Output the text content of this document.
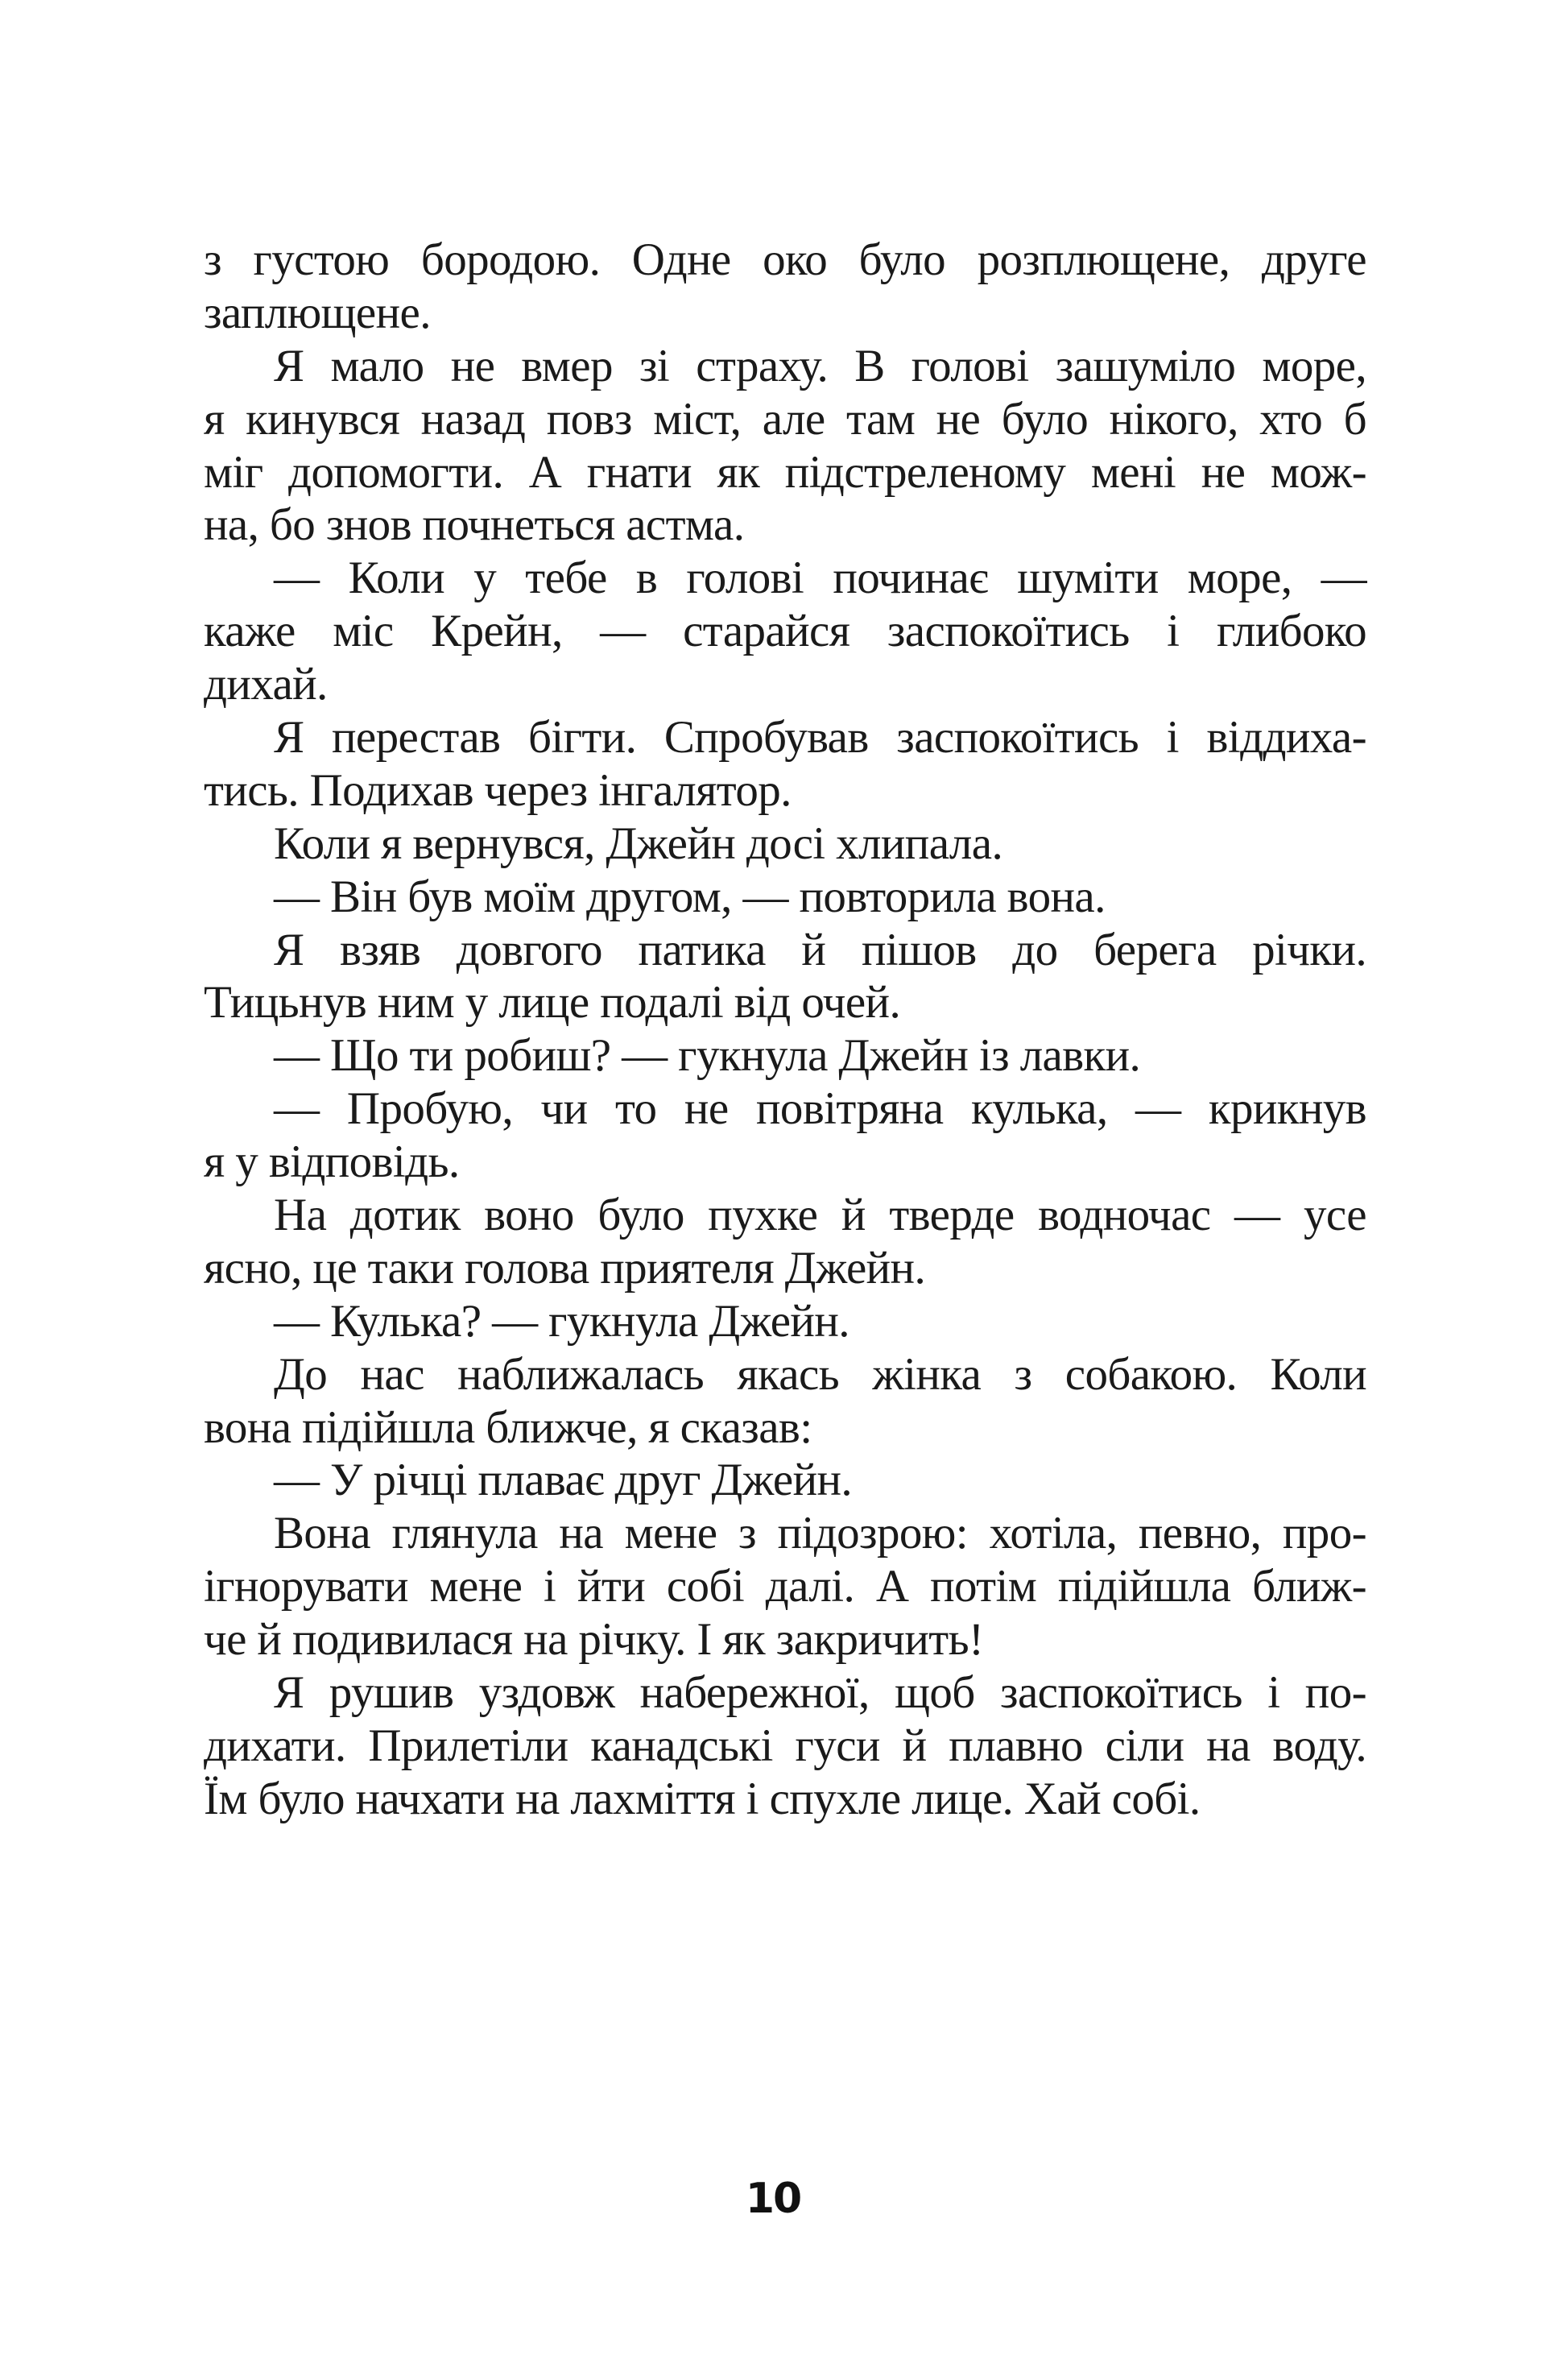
з густою бородою. Одне око було розплющене, друге
заплющене.
Я мало не вмер зі страху. В голові зашуміло море,
я кинувся назад повз міст, але там не було нікого, хто б
міг допомогти. А гнати як підстреленому мені не мож-
на, бо знов почнеться астма.
— Коли у тебе в голові починає шуміти море, —
каже міс Крейн, — старайся заспокоїтись і глибоко
дихай.
Я перестав бігти. Спробував заспокоїтись і віддиха-
тись. Подихав через інгалятор.
Коли я вернувся, Джейн досі хлипала.
— Він був моїм другом, — повторила вона.
Я взяв довгого патика й пішов до берега річки.
Тицьнув ним у лице подалі від очей.
— Що ти робиш? — гукнула Джейн із лавки.
— Пробую, чи то не повітряна кулька, — крикнув
я у відповідь.
На дотик воно було пухке й тверде водночас — усе
ясно, це таки голова приятеля Джейн.
— Кулька? — гукнула Джейн.
До нас наближалась якась жінка з собакою. Коли
вона підійшла ближче, я сказав:
— У річці плаває друг Джейн.
Вона глянула на мене з підозрою: хотіла, певно, про-
ігнорувати мене і йти собі далі. А потім підійшла ближ-
че й подивилася на річку. І як закричить!
Я рушив уздовж набережної, щоб заспокоїтись і по-
дихати. Прилетіли канадські гуси й плавно сіли на воду.
Їм було начхати на лахміття і спухле лице. Хай собі.
10
